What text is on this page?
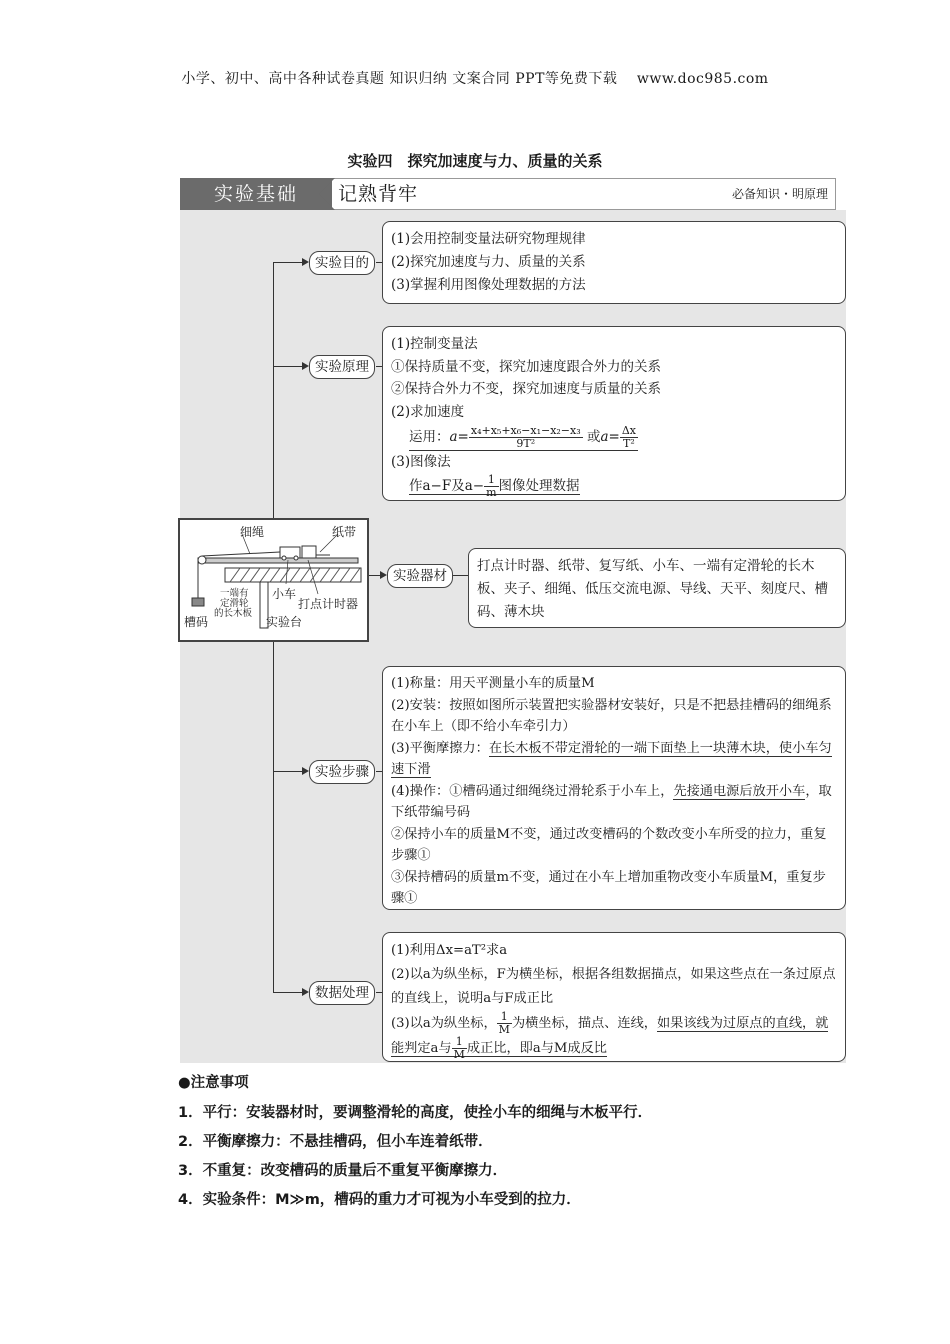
小学、初中、高中各种试卷真题 知识归纳 文案合同 PPT等免费下载　 www.doc985.com
实验四　探究加速度与力、质量的关系
实验基础	记熟背牢	必备知识・明原理
实验目的
实验原理
实验器材
实验步骤
数据处理
(1)会用控制变量法研究物理规律
(2)探究加速度与力、质量的关系
(3)掌握利用图像处理数据的方法
(1)控制变量法
①保持质量不变，探究加速度跟合外力的关系
②保持合外力不变，探究加速度与质量的关系
(2)求加速度
运用：$a= \frac{\text{x₄+x₅+x₆−x₁−x₂−x₃}}{\text{9T²}}$ 或$a= \frac{\Delta x}{\text{T²}}$
(3)图像法
作a−F及$a- \frac{1}{m}$ 图像处理数据
细绳	纸带
一端有
定滑轮
的长木板
小车
打点计时器
槽码	实验台
打点计时器、纸带、复写纸、小车、一端有定滑轮的长木板、夹子、细绳、低压交流电源、导线、天平、刻度尺、槽码、薄木块
(1)称量：用天平测量小车的质量M
(2)安装：按照如图所示装置把实验器材安装好，只是不把悬挂槽码的细绳系在小车上（即不给小车牵引力）
(3)平衡摩擦力：在长木板不带定滑轮的一端下面垫上一块薄木块，使小车匀速下滑
(4)操作：①槽码通过细绳绕过滑轮系于小车上，先接通电源后放开小车，取下纸带编号码
②保持小车的质量M不变，通过改变槽码的个数改变小车所受的拉力，重复步骤①
③保持槽码的质量m不变，通过在小车上增加重物改变小车质量M，重复步骤①
(1)利用Δx=aT²求a
(2)以a为纵坐标，F为横坐标，根据各组数据描点，如果这些点在一条过原点的直线上，说明a与F成正比
(3)以a为纵坐标， $\frac{1}{M}$ 为横坐标，描点、连线，如果该线为过原点的直线，就能判定a与 $\frac{1}{M}$ 成正比，即a与M成反比
●注意事项
1．平行：安装器材时，要调整滑轮的高度，使拴小车的细绳与木板平行．
2．平衡摩擦力：不悬挂槽码，但小车连着纸带．
3．不重复：改变槽码的质量后不重复平衡摩擦力．
4．实验条件：M≫m，槽码的重力才可视为小车受到的拉力．
